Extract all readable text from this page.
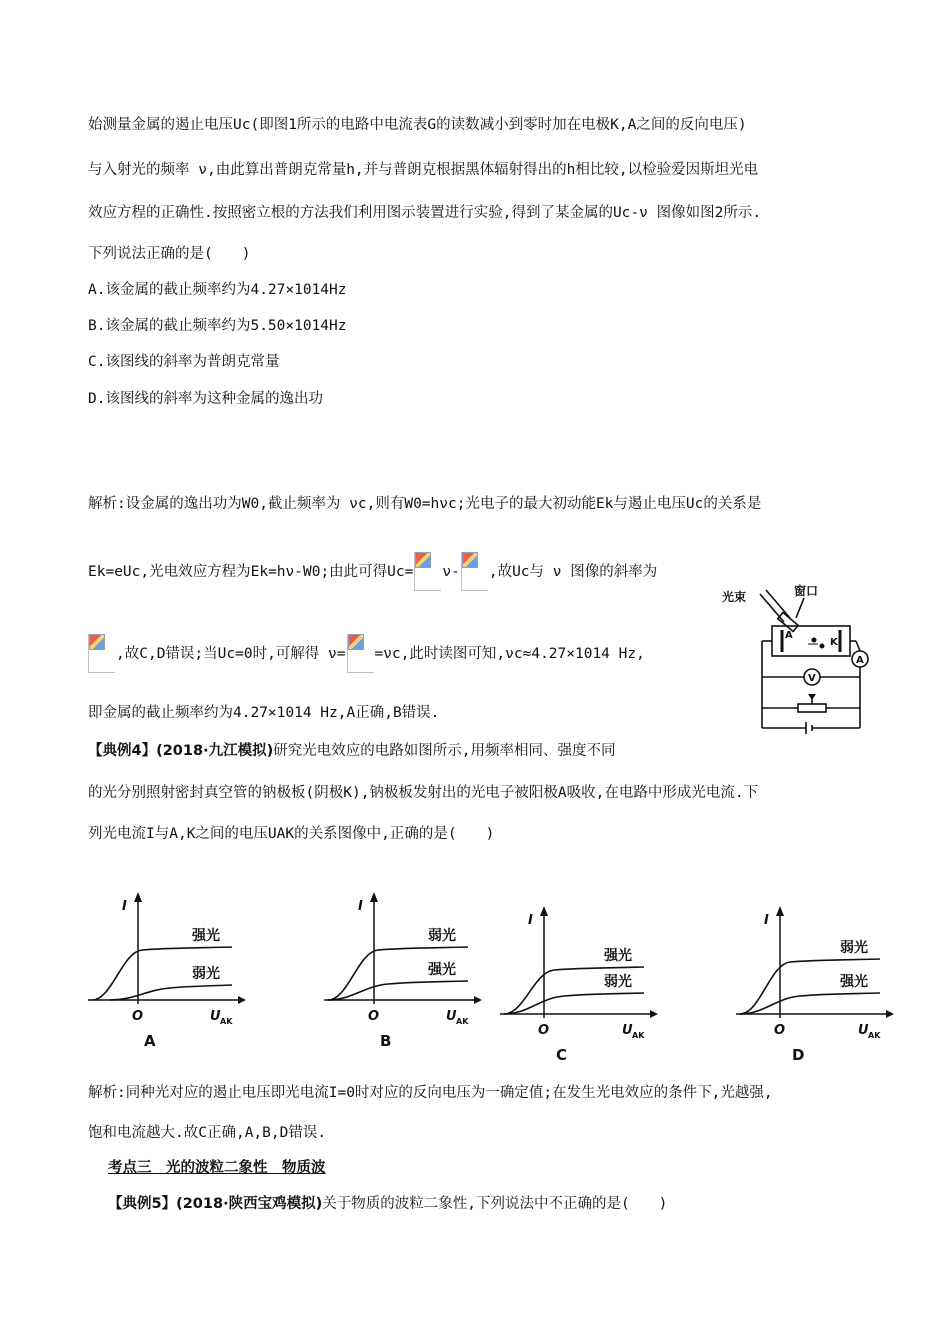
始测量金属的遏止电压Uc(即图1所示的电路中电流表G的读数减小到零时加在电极K,A之间的反向电压)
与入射光的频率 ν,由此算出普朗克常量h,并与普朗克根据黑体辐射得出的h相比较,以检验爱因斯坦光电
效应方程的正确性.按照密立根的方法我们利用图示装置进行实验,得到了某金属的Uc-ν 图像如图2所示.
下列说法正确的是(　　)
A.该金属的截止频率约为4.27×1014Hz
B.该金属的截止频率约为5.50×1014Hz
C.该图线的斜率为普朗克常量
D.该图线的斜率为这种金属的逸出功
解析:设金属的逸出功为W0,截止频率为 νc,则有W0=hνc;光电子的最大初动能Ek与遏止电压Uc的关系是
Ek=eUc,光电效应方程为Ek=hν-W0;由此可得Uc= ν- ,故Uc与 ν 图像的斜率为
,故C,D错误;当Uc=0时,可解得 ν= =νc,此时读图可知,νc≈4.27×1014 Hz,
即金属的截止频率约为4.27×1014 Hz,A正确,B错误.
光束	窗口
A
K
V
A
【典例4】(2018·九江模拟)研究光电效应的电路如图所示,用频率相同、强度不同
的光分别照射密封真空管的钠极板(阴极K),钠极板发射出的光电子被阳极A吸收,在电路中形成光电流.下
列光电流I与A,K之间的电压UAK的关系图像中,正确的是(　　)
I
O	U AK
强光
弱光
A
I
O	U AK
弱光
强光
B
I
O	U AK
强光
弱光
C
I
O	U AK
弱光
强光
D
解析:同种光对应的遏止电压即光电流I=0时对应的反向电压为一确定值;在发生光电效应的条件下,光越强,
饱和电流越大.故C正确,A,B,D错误.
考点三　光的波粒二象性　物质波
【典例5】(2018·陕西宝鸡模拟)关于物质的波粒二象性,下列说法中不正确的是(　　)
